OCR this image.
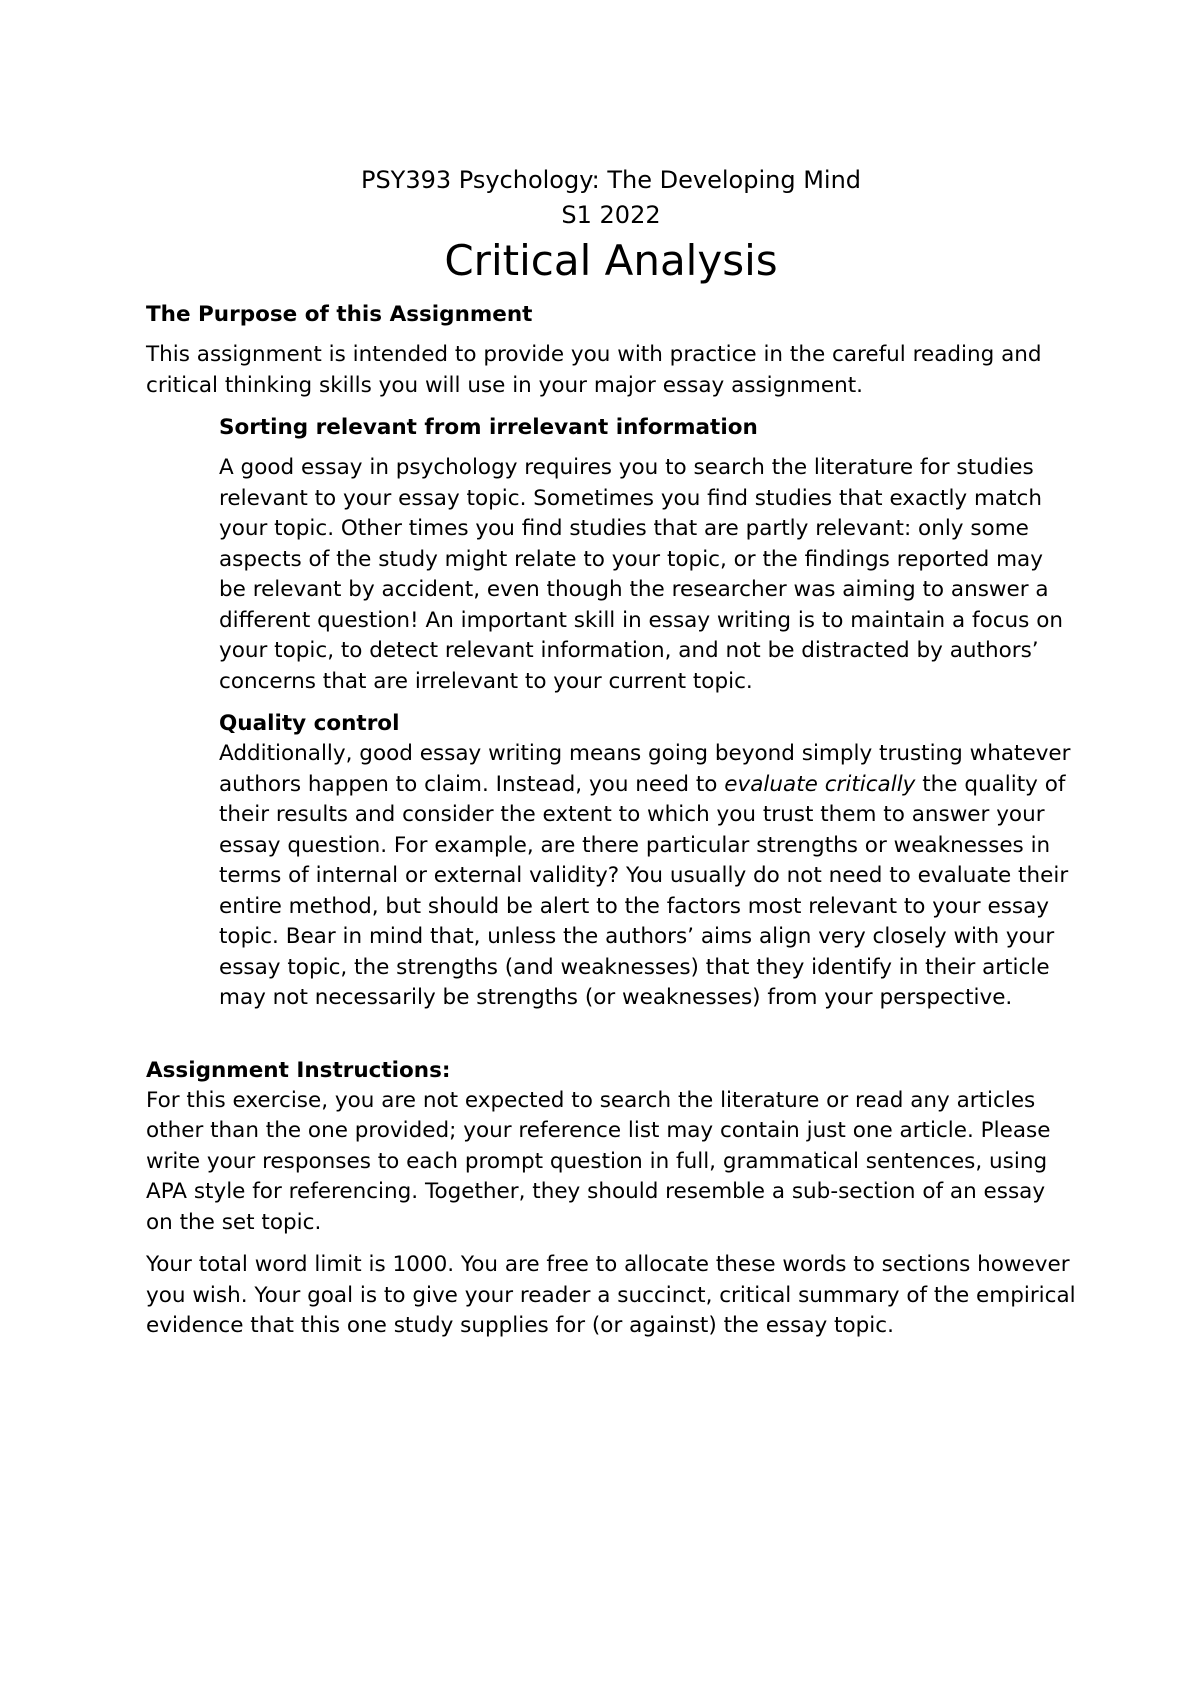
PSY393 Psychology: The Developing Mind

S1 2022

Critical Analysis
The Purpose of this Assignment

This assignment is intended to provide you with practice in the careful reading and critical thinking skills you will use in your major essay assignment.

Sorting relevant from irrelevant information

A good essay in psychology requires you to search the literature for studies relevant to your essay topic. Sometimes you find studies that exactly match your topic. Other times you find studies that are partly relevant: only some aspects of the study might relate to your topic, or the findings reported may be relevant by accident, even though the researcher was aiming to answer a different question! An important skill in essay writing is to maintain a focus on your topic, to detect relevant information, and not be distracted by authors’ concerns that are irrelevant to your current topic.

Quality control

Additionally, good essay writing means going beyond simply trusting whatever authors happen to claim. Instead, you need to evaluate critically the quality of their results and consider the extent to which you trust them to answer your essay question. For example, are there particular strengths or weaknesses in terms of internal or external validity? You usually do not need to evaluate their entire method, but should be alert to the factors most relevant to your essay topic. Bear in mind that, unless the authors’ aims align very closely with your essay topic, the strengths (and weaknesses) that they identify in their article may not necessarily be strengths (or weaknesses) from your perspective.

Assignment Instructions:

For this exercise, you are not expected to search the literature or read any articles other than the one provided; your reference list may contain just one article. Please write your responses to each prompt question in full, grammatical sentences, using APA style for referencing. Together, they should resemble a sub-section of an essay on the set topic.

Your total word limit is 1000. You are free to allocate these words to sections however you wish. Your goal is to give your reader a succinct, critical summary of the empirical evidence that this one study supplies for (or against) the essay topic.
